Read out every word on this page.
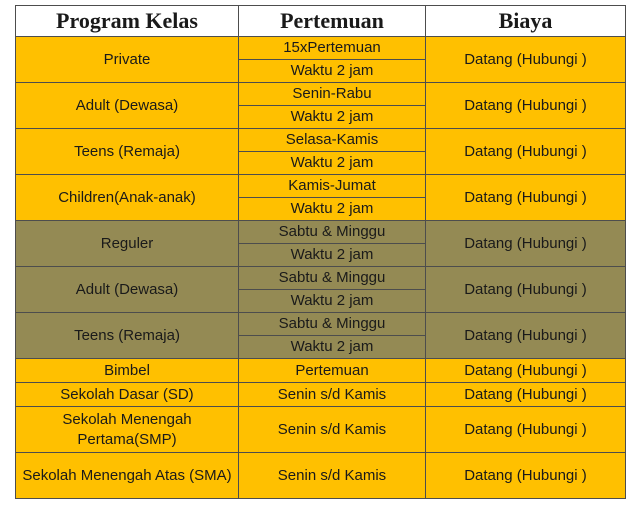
Program Kelas	Pertemuan	Biaya
Private	15xPertemuan	Datang (Hubungi )
	Waktu 2 jam	
Adult (Dewasa)	Senin-Rabu	Datang (Hubungi )
	Waktu 2 jam	
Teens (Remaja)	Selasa-Kamis	Datang (Hubungi )
	Waktu 2 jam	
Children(Anak-anak)	Kamis-Jumat	Datang (Hubungi )
	Waktu 2 jam	
Reguler	Sabtu & Minggu	Datang (Hubungi )
	Waktu 2 jam	
Adult (Dewasa)	Sabtu & Minggu	Datang (Hubungi )
	Waktu 2 jam	
Teens (Remaja)	Sabtu & Minggu	Datang (Hubungi )
	Waktu 2 jam	
Bimbel	Pertemuan	Datang (Hubungi )
Sekolah Dasar (SD)	Senin s/d Kamis	Datang (Hubungi )
Sekolah Menengah Pertama(SMP)	Senin s/d Kamis	Datang (Hubungi )
Sekolah Menengah Atas (SMA)	Senin s/d Kamis	Datang (Hubungi )
